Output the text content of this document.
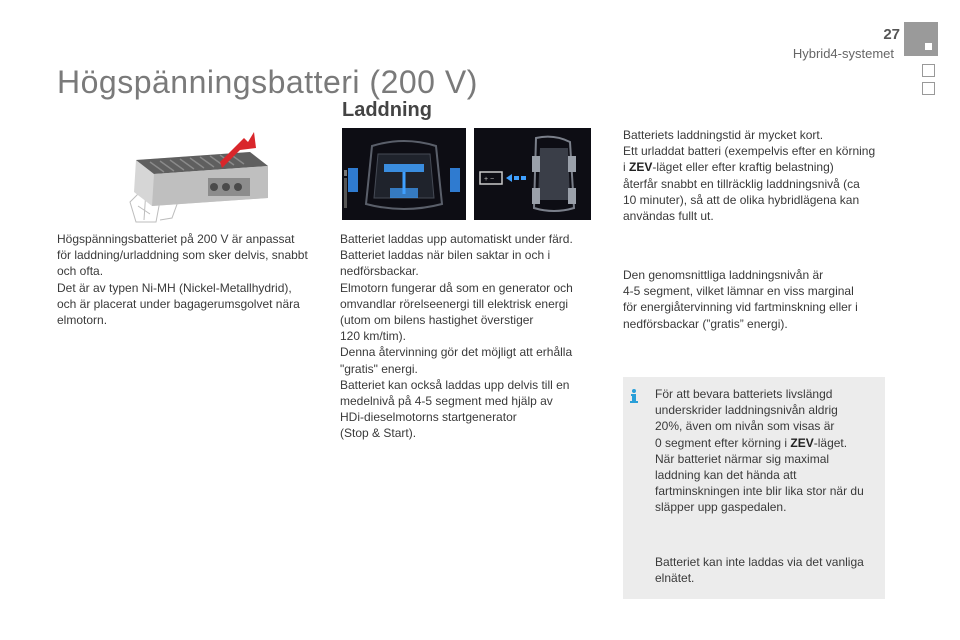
27
Hybrid4-systemet
Högspänningsbatteri (200 V)
Laddning
+ −

Högspänningsbatteriet på 200 V är anpassat
för laddning/urladdning som sker delvis, snabbt
och ofta.
Det är av typen Ni-MH (Nickel-Metallhydrid),
och är placerat under bagagerumsgolvet nära
elmotorn.

Batteriet laddas upp automatiskt under färd.
Batteriet laddas när bilen saktar in och i
nedförsbackar.
Elmotorn fungerar då som en generator och
omvandlar rörelseenergi till elektrisk energi
(utom om bilens hastighet överstiger
120 km/tim).
Denna återvinning gör det möjligt att erhålla
"gratis" energi.
Batteriet kan också laddas upp delvis till en
medelnivå på 4-5 segment med hjälp av
HDi-dieselmotorns startgenerator
(Stop & Start).

Batteriets laddningstid är mycket kort.
Ett urladdat batteri (exempelvis efter en körning
i ZEV-läget eller efter kraftig belastning)
återfår snabbt en tillräcklig laddningsnivå (ca
10 minuter), så att de olika hybridlägena kan
användas fullt ut.

Den genomsnittliga laddningsnivån är
4-5 segment, vilket lämnar en viss marginal
för energiåtervinning vid fartminskning eller i
nedförsbackar (”gratis” energi).

För att bevara batteriets livslängd
underskrider laddningsnivån aldrig
20%, även om nivån som visas är
0 segment efter körning i ZEV-läget.
När batteriet närmar sig maximal
laddning kan det hända att
fartminskningen inte blir lika stor när du
släpper upp gaspedalen.

Batteriet kan inte laddas via det vanliga
elnätet.
